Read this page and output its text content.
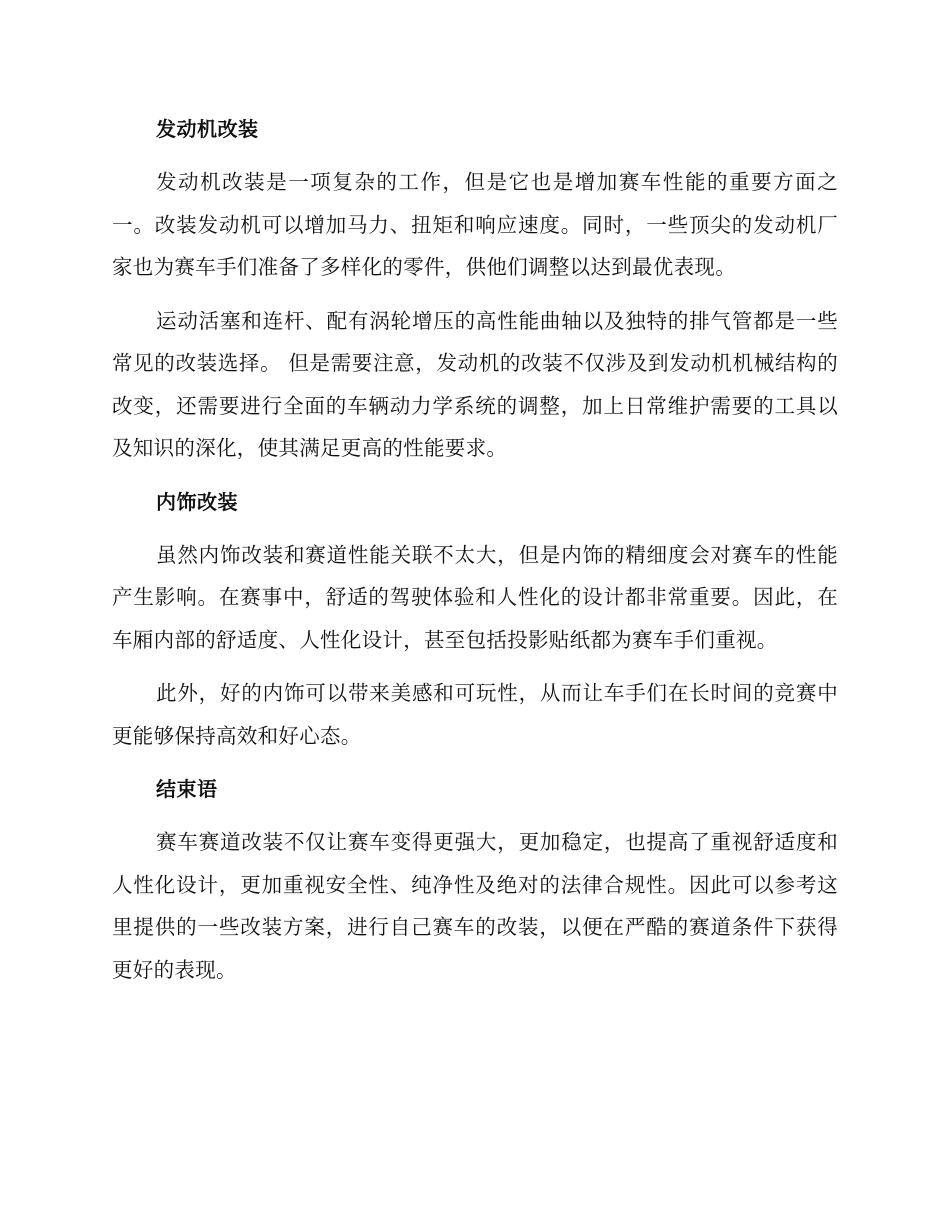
发动机改装

发动机改装是一项复杂的工作，但是它也是增加赛车性能的重要方面之一。改装发动机可以增加马力、扭矩和响应速度。同时，一些顶尖的发动机厂家也为赛车手们准备了多样化的零件，供他们调整以达到最优表现。

运动活塞和连杆、配有涡轮增压的高性能曲轴以及独特的排气管都是一些常见的改装选择。 但是需要注意，发动机的改装不仅涉及到发动机机械结构的改变，还需要进行全面的车辆动力学系统的调整，加上日常维护需要的工具以及知识的深化，使其满足更高的性能要求。

内饰改装

虽然内饰改装和赛道性能关联不太大，但是内饰的精细度会对赛车的性能产生影响。在赛事中，舒适的驾驶体验和人性化的设计都非常重要。因此，在车厢内部的舒适度、人性化设计，甚至包括投影贴纸都为赛车手们重视。

此外，好的内饰可以带来美感和可玩性，从而让车手们在长时间的竞赛中更能够保持高效和好心态。

结束语

赛车赛道改装不仅让赛车变得更强大，更加稳定，也提高了重视舒适度和人性化设计，更加重视安全性、纯净性及绝对的法律合规性。因此可以参考这里提供的一些改装方案，进行自己赛车的改装，以便在严酷的赛道条件下获得更好的表现。
